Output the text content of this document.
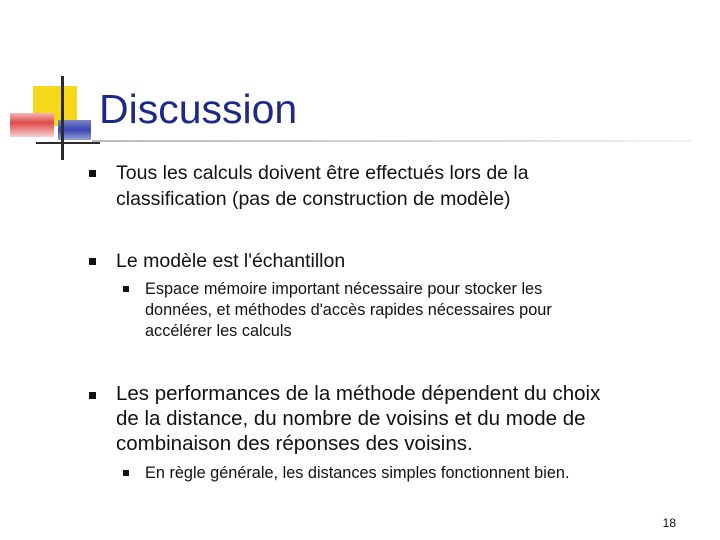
Discussion
Tous les calculs doivent être effectués lors de la
classification (pas de construction de modèle)
Le modèle est l'échantillon
Espace mémoire important nécessaire pour stocker les
données, et méthodes d'accès rapides nécessaires pour
accélérer les calculs
Les performances de la méthode dépendent du choix
de la distance, du nombre de voisins et du mode de
combinaison des réponses des voisins.
En règle générale, les distances simples fonctionnent bien.
18
